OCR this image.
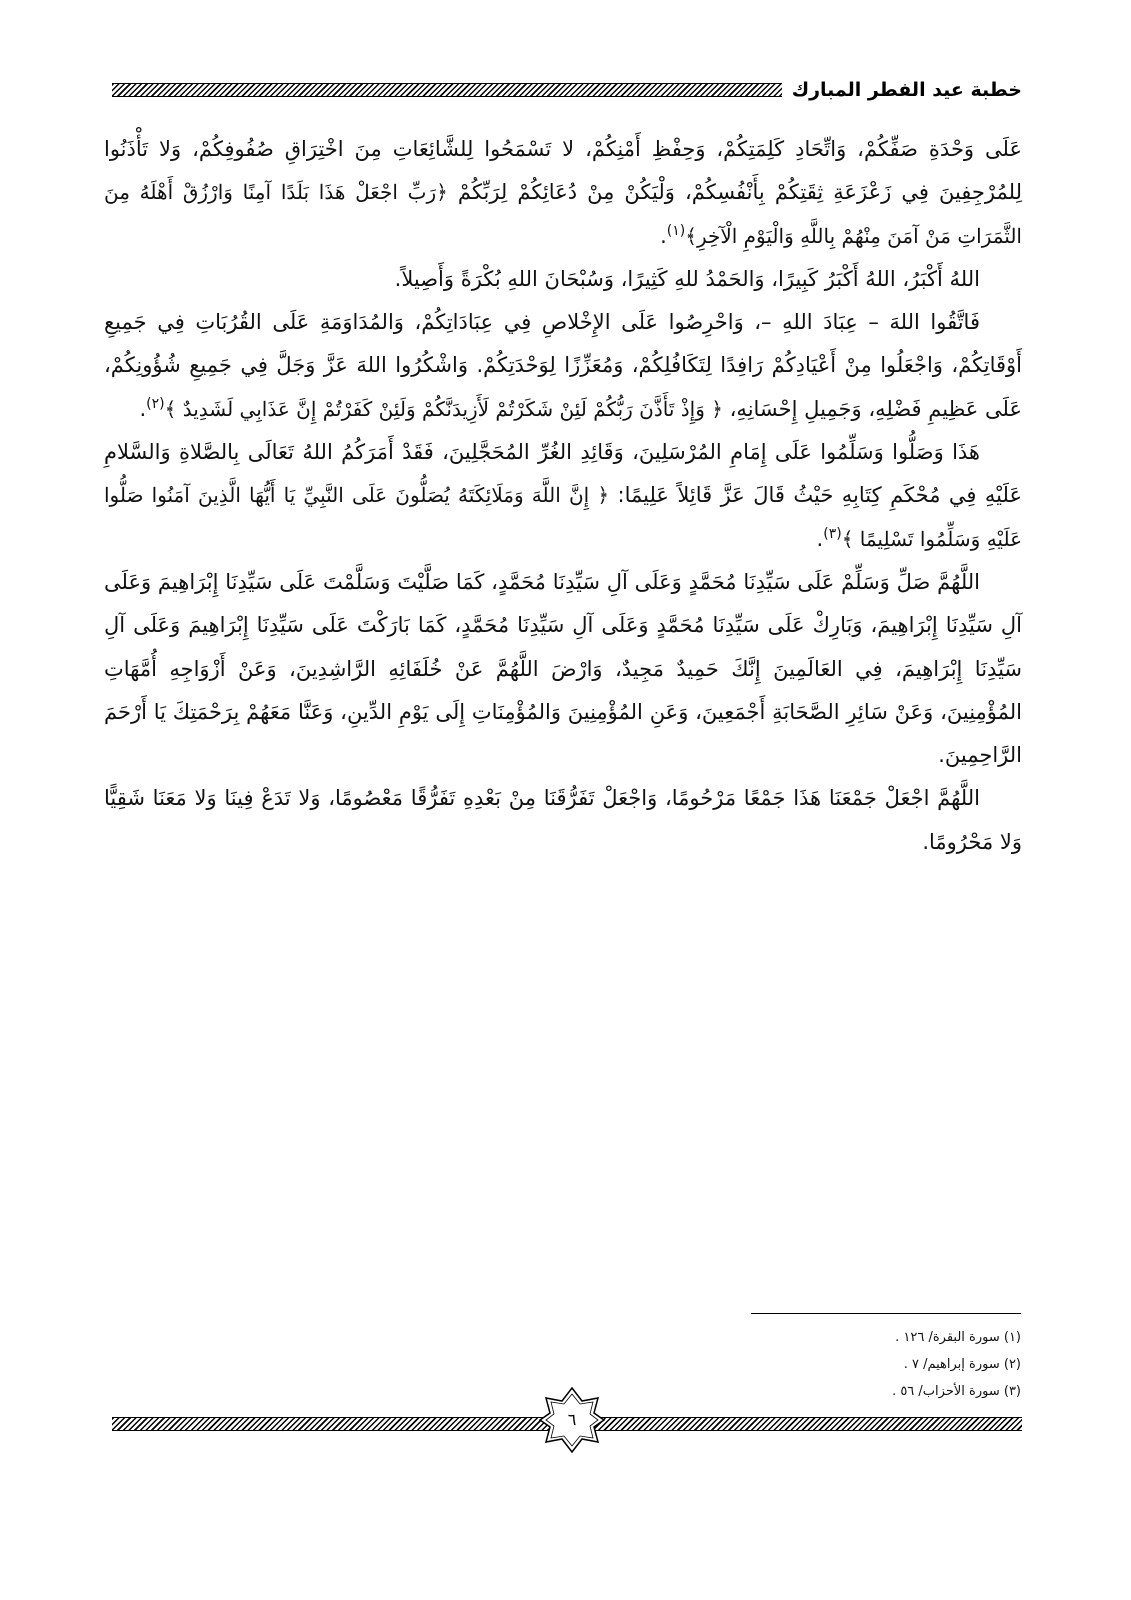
خطبة عيد الفطر المبارك

عَلَى وَحْدَةِ صَفِّكُمْ، وَاتِّحَادِ كَلِمَتِكُمْ، وَحِفْظِ أَمْنِكُمْ، لا تَسْمَحُوا لِلشَّائِعَاتِ مِنَ اخْتِرَاقِ صُفُوفِكُمْ، وَلا تَأْذَنُوا لِلمُرْجِفِينَ فِي زَعْزَعَةِ ثِقَتِكُمْ بِأَنْفُسِكُمْ، وَلْيَكُنْ مِنْ دُعَائِكُمْ لِرَبِّكُمْ ﴿رَبِّ اجْعَلْ هَذَا بَلَدًا آمِنًا وَارْزُقْ أَهْلَهُ مِنَ الثَّمَرَاتِ مَنْ آمَنَ مِنْهُمْ بِاللَّهِ وَالْيَوْمِ الْآخِرِ﴾$^{(١)}$.

اللهُ أَكْبَرُ، اللهُ أَكْبَرُ كَبِيرًا، وَالحَمْدُ للهِ كَثِيرًا، وَسُبْحَانَ اللهِ بُكْرَةً وَأَصِيلاً.

فَاتَّقُوا اللهَ – عِبَادَ اللهِ –، وَاحْرِصُوا عَلَى الإِخْلاصِ فِي عِبَادَاتِكُمْ، وَالمُدَاوَمَةِ عَلَى القُرُبَاتِ فِي جَمِيعِ أَوْقَاتِكُمْ، وَاجْعَلُوا مِنْ أَعْيَادِكُمْ رَافِدًا لِتَكَافُلِكُمْ، وَمُعَزِّزًا لِوَحْدَتِكُمْ. وَاشْكُرُوا اللهَ عَزَّ وَجَلَّ فِي جَمِيعِ شُؤُونِكُمْ، عَلَى عَظِيمِ فَضْلِهِ، وَجَمِيلِ إِحْسَانِهِ، ﴿ وَإِذْ تَأَذَّنَ رَبُّكُمْ لَئِنْ شَكَرْتُمْ لَأَزِيدَنَّكُمْ وَلَئِنْ كَفَرْتُمْ إِنَّ عَذَابِي لَشَدِيدٌ ﴾$^{(٢)}$.

هَذَا وَصَلُّوا وَسَلِّمُوا عَلَى إِمَامِ المُرْسَلِينَ، وَقَائِدِ الغُرِّ المُحَجَّلِينَ، فَقَدْ أَمَرَكُمُ اللهُ تَعَالَى بِالصَّلاةِ وَالسَّلامِ عَلَيْهِ فِي مُحْكَمِ كِتَابِهِ حَيْثُ قَالَ عَزَّ قَائِلاً عَلِيمًا: ﴿ إِنَّ اللَّهَ وَمَلَائِكَتَهُ يُصَلُّونَ عَلَى النَّبِيِّ يَا أَيُّهَا الَّذِينَ آمَنُوا صَلُّوا عَلَيْهِ وَسَلِّمُوا تَسْلِيمًا ﴾$^{(٣)}$.

اللَّهُمَّ صَلِّ وَسَلِّمْ عَلَى سَيِّدِنَا مُحَمَّدٍ وَعَلَى آلِ سَيِّدِنَا مُحَمَّدٍ، كَمَا صَلَّيْتَ وَسَلَّمْتَ عَلَى سَيِّدِنَا إِبْرَاهِيمَ وَعَلَى آلِ سَيِّدِنَا إِبْرَاهِيمَ، وَبَارِكْ عَلَى سَيِّدِنَا مُحَمَّدٍ وَعَلَى آلِ سَيِّدِنَا مُحَمَّدٍ، كَمَا بَارَكْتَ عَلَى سَيِّدِنَا إِبْرَاهِيمَ وَعَلَى آلِ سَيِّدِنَا إِبْرَاهِيمَ، فِي العَالَمِينَ إِنَّكَ حَمِيدٌ مَجِيدٌ، وَارْضَ اللَّهُمَّ عَنْ خُلَفَائِهِ الرَّاشِدِينَ، وَعَنْ أَزْوَاجِهِ أُمَّهَاتِ المُؤْمِنِينَ، وَعَنْ سَائِرِ الصَّحَابَةِ أَجْمَعِينَ، وَعَنِ المُؤْمِنِينَ وَالمُؤْمِنَاتِ إِلَى يَوْمِ الدِّينِ، وَعَنَّا مَعَهُمْ بِرَحْمَتِكَ يَا أَرْحَمَ الرَّاحِمِينَ.

اللَّهُمَّ اجْعَلْ جَمْعَنَا هَذَا جَمْعًا مَرْحُومًا، وَاجْعَلْ تَفَرُّقَنَا مِنْ بَعْدِهِ تَفَرُّقًا مَعْصُومًا، وَلا تَدَعْ فِينَا وَلا مَعَنَا شَقِيًّا وَلا مَحْرُومًا.

(١) سورة البقرة/ ١٢٦ .
(٢) سورة إبراهيم/ ٧ .
(٣) سورة الأحزاب/ ٥٦ .
٦
